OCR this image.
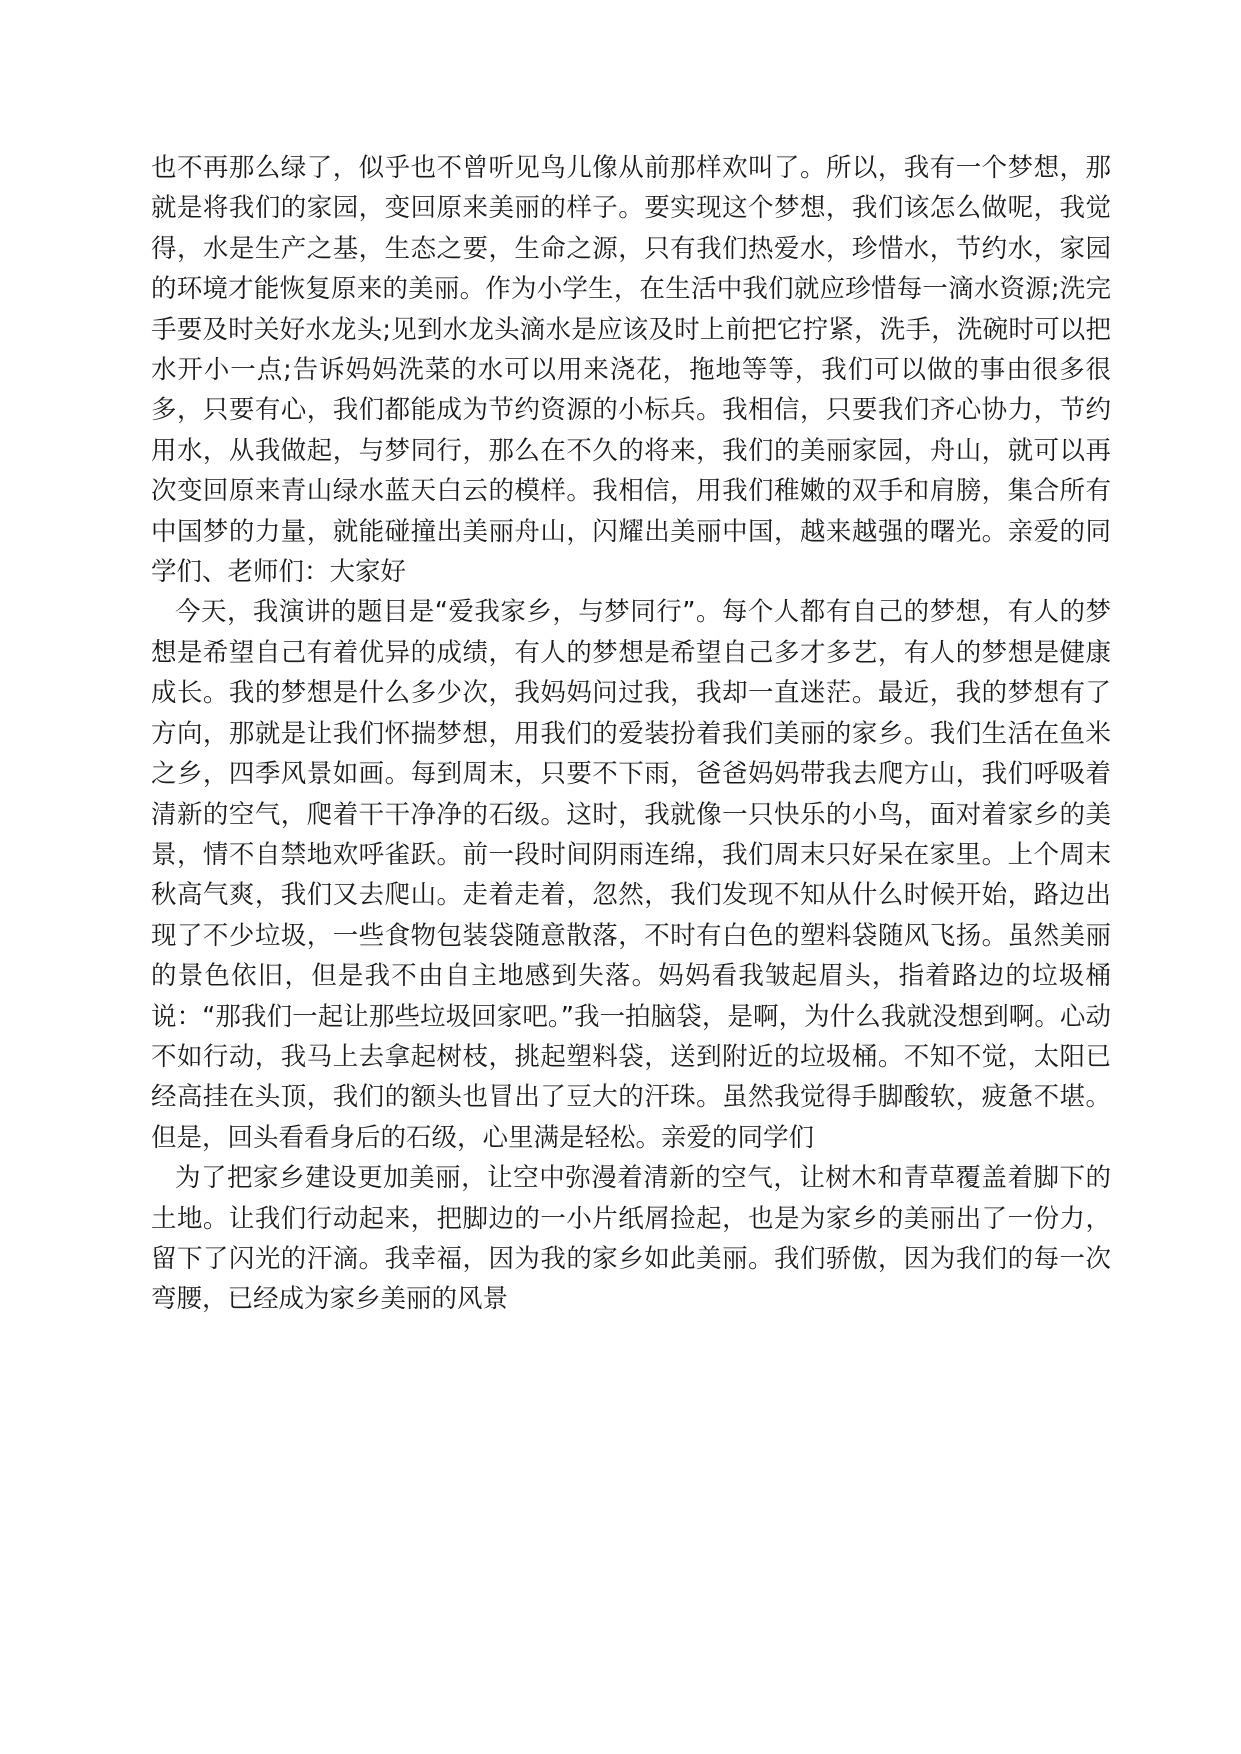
也不再那么绿了，似乎也不曾听见鸟儿像从前那样欢叫了。所以，我有一个梦想，那就是将我们的家园，变回原来美丽的样子。要实现这个梦想，我们该怎么做呢，我觉得，水是生产之基，生态之要，生命之源，只有我们热爱水，珍惜水，节约水，家园的环境才能恢复原来的美丽。作为小学生，在生活中我们就应珍惜每一滴水资源;洗完手要及时关好水龙头;见到水龙头滴水是应该及时上前把它拧紧，洗手，洗碗时可以把水开小一点;告诉妈妈洗菜的水可以用来浇花，拖地等等，我们可以做的事由很多很多，只要有心，我们都能成为节约资源的小标兵。我相信，只要我们齐心协力，节约用水，从我做起，与梦同行，那么在不久的将来，我们的美丽家园，舟山，就可以再次变回原来青山绿水蓝天白云的模样。我相信，用我们稚嫩的双手和肩膀，集合所有中国梦的力量，就能碰撞出美丽舟山，闪耀出美丽中国，越来越强的曙光。亲爱的同学们、老师们：大家好

今天，我演讲的题目是“爱我家乡，与梦同行”。每个人都有自己的梦想，有人的梦想是希望自己有着优异的成绩，有人的梦想是希望自己多才多艺，有人的梦想是健康成长。我的梦想是什么多少次，我妈妈问过我，我却一直迷茫。最近，我的梦想有了方向，那就是让我们怀揣梦想，用我们的爱装扮着我们美丽的家乡。我们生活在鱼米之乡，四季风景如画。每到周末，只要不下雨，爸爸妈妈带我去爬方山，我们呼吸着清新的空气，爬着干干净净的石级。这时，我就像一只快乐的小鸟，面对着家乡的美景，情不自禁地欢呼雀跃。前一段时间阴雨连绵，我们周末只好呆在家里。上个周末秋高气爽，我们又去爬山。走着走着，忽然，我们发现不知从什么时候开始，路边出现了不少垃圾，一些食物包装袋随意散落，不时有白色的塑料袋随风飞扬。虽然美丽的景色依旧，但是我不由自主地感到失落。妈妈看我皱起眉头，指着路边的垃圾桶说：“那我们一起让那些垃圾回家吧。”我一拍脑袋，是啊，为什么我就没想到啊。心动不如行动，我马上去拿起树枝，挑起塑料袋，送到附近的垃圾桶。不知不觉，太阳已经高挂在头顶，我们的额头也冒出了豆大的汗珠。虽然我觉得手脚酸软，疲惫不堪。但是，回头看看身后的石级，心里满是轻松。亲爱的同学们

为了把家乡建设更加美丽，让空中弥漫着清新的空气，让树木和青草覆盖着脚下的土地。让我们行动起来，把脚边的一小片纸屑捡起，也是为家乡的美丽出了一份力，留下了闪光的汗滴。我幸福，因为我的家乡如此美丽。我们骄傲，因为我们的每一次弯腰，已经成为家乡美丽的风景
